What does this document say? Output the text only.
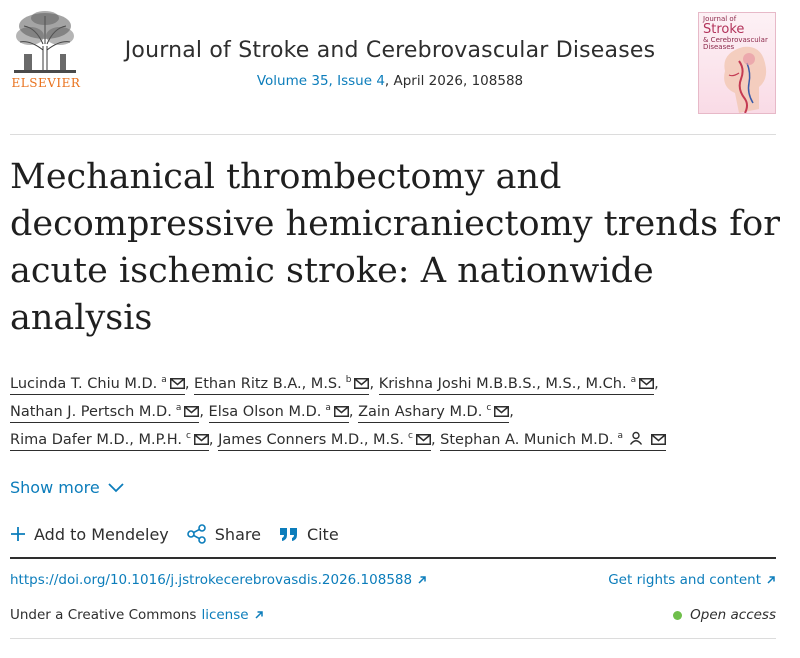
ELSEVIER
Journal of Stroke and Cerebrovascular Diseases
Volume 35, Issue 4, April 2026, 108588
Journal of Stroke
& Cerebrovascular Diseases
Mechanical thrombectomy and decompressive hemicraniectomy trends for acute ischemic stroke: A nationwide analysis
Lucinda T. Chiu M.D. $^a$ , Ethan Ritz B.A., M.S. $^b$ , Krishna Joshi M.B.B.S., M.S., M.Ch. $^a$ ,
Nathan J. Pertsch M.D. $^a$ , Elsa Olson M.D. $^a$ , Zain Ashary M.D. $^c$ ,
Rima Dafer M.D., M.P.H. $^c$ , James Conners M.D., M.S. $^c$ , Stephan A. Munich M.D. $^a$
Show more
Add to Mendeley	Share	Cite
https://doi.org/10.1016/j.jstrokecerebrovasdis.2026.108588	Get rights and content
Under a Creative Commons license	Open access
